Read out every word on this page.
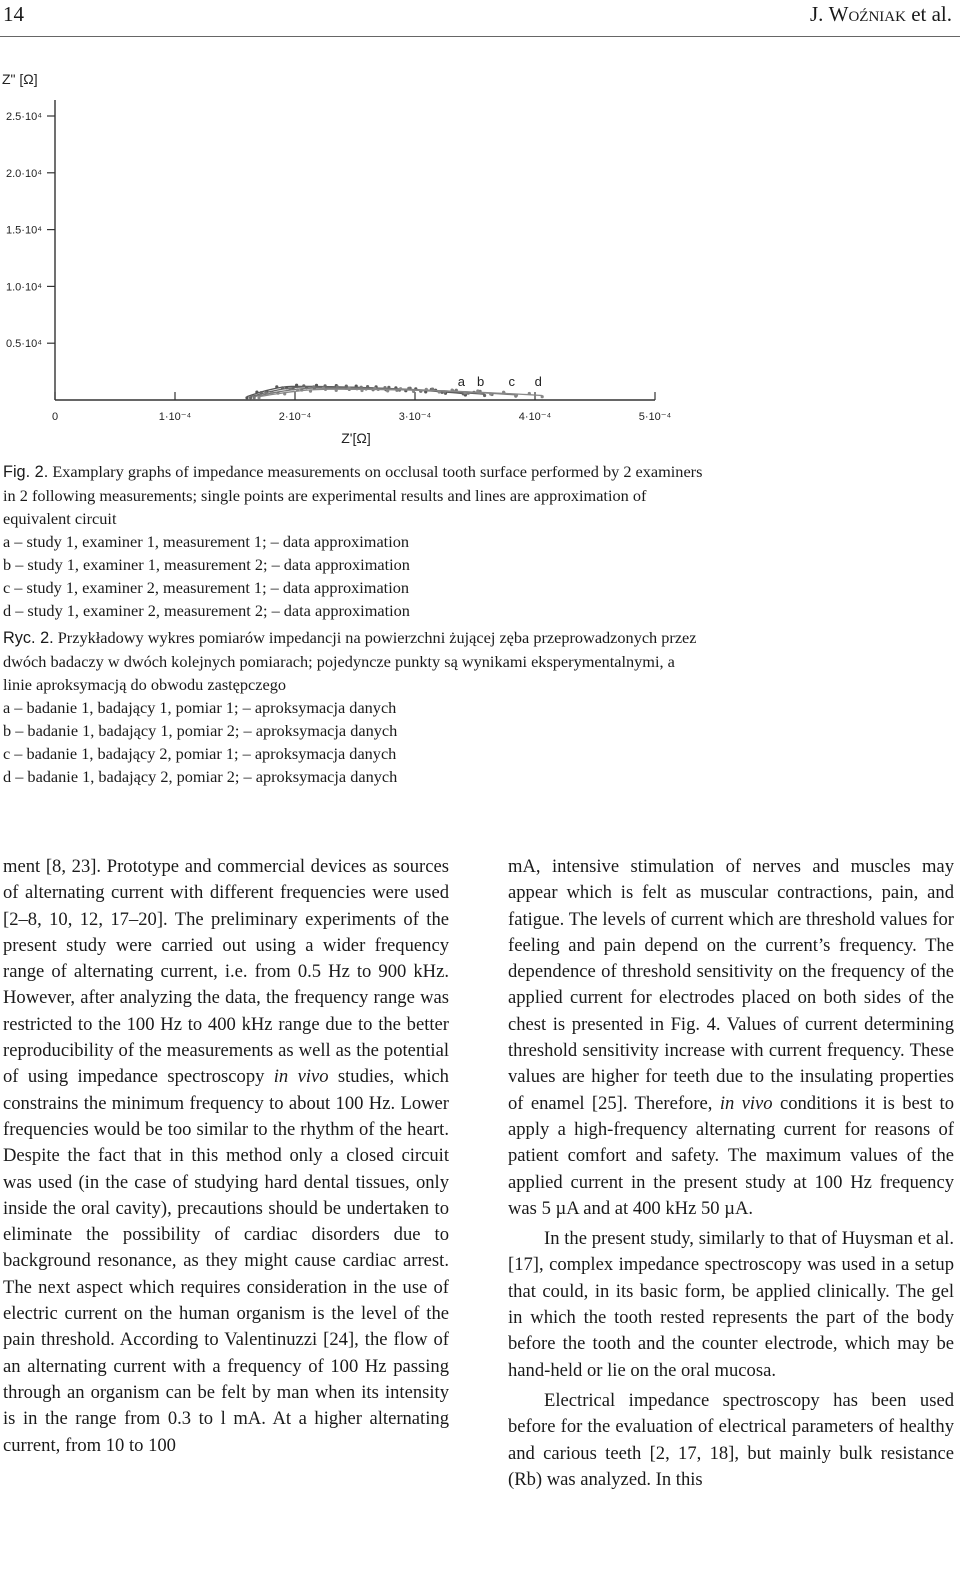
14	J. Woźniak et al.
Z" [Ω]
Z'[Ω]
0.5·10⁴
1.0·10⁴
1.5·10⁴
2.0·10⁴
2.5·10⁴
0	1·10⁻⁴	2·10⁻⁴	3·10⁻⁴	4·10⁻⁴	5·10⁻⁴
a b c d

Fig. 2. Examplary graphs of impedance measurements on occlusal tooth surface performed by 2 examiners in 2 following measurements; single points are experimental results and lines are approximation of equivalent circuit

a – study 1, examiner 1, measurement 1; – data approximation

b – study 1, examiner 1, measurement 2; – data approximation

c – study 1, examiner 2, measurement 1; – data approximation

d – study 1, examiner 2, measurement 2; – data approximation

Ryc. 2. Przykładowy wykres pomiarów impedancji na powierzchni żującej zęba przeprowadzonych przez dwóch badaczy w dwóch kolejnych pomiarach; pojedyncze punkty są wynikami eksperymentalnymi, a linie aproksymacją do obwodu zastępczego

a – badanie 1, badający 1, pomiar 1; – aproksymacja danych

b – badanie 1, badający 1, pomiar 2; – aproksymacja danych

c – badanie 1, badający 2, pomiar 1; – aproksymacja danych

d – badanie 1, badający 2, pomiar 2; – aproksymacja danych

ment [8, 23]. Prototype and commercial devices as sources of alternating current with different frequencies were used [2–8, 10, 12, 17–20]. The preliminary experiments of the present study were carried out using a wider frequency range of alternating current, i.e. from 0.5 Hz to 900 kHz. However, after analyzing the data, the frequency range was restricted to the 100 Hz to 400 kHz range due to the better reproducibility of the measurements as well as the potential of using impedance spectroscopy in vivo studies, which constrains the minimum frequency to about 100 Hz. Lower frequencies would be too similar to the rhythm of the heart. Despite the fact that in this method only a closed circuit was used (in the case of studying hard dental tissues, only inside the oral cavity), precautions should be undertaken to eliminate the possibility of cardiac disorders due to background resonance, as they might cause cardiac arrest. The next aspect which requires consideration in the use of electric current on the human organism is the level of the pain threshold. According to Valentinuzzi [24], the flow of an alternating current with a frequency of 100 Hz passing through an organism can be felt by man when its intensity is in the range from 0.3 to l mA. At a higher alternating current, from 10 to 100

mA, intensive stimulation of nerves and muscles may appear which is felt as muscular contractions, pain, and fatigue. The levels of current which are threshold values for feeling and pain depend on the current’s frequency. The dependence of threshold sensitivity on the frequency of the applied current for electrodes placed on both sides of the chest is presented in Fig. 4. Values of current determining threshold sensitivity increase with current frequency. These values are higher for teeth due to the insulating properties of enamel [25]. Therefore, in vivo conditions it is best to apply a high-frequency alternating current for reasons of patient comfort and safety. The maximum values of the applied current in the present study at 100 Hz frequency was 5 µA and at 400 kHz 50 µA.

In the present study, similarly to that of Huysman et al. [17], complex impedance spectroscopy was used in a setup that could, in its basic form, be applied clinically. The gel in which the tooth rested represents the part of the body before the tooth and the counter electrode, which may be hand-held or lie on the oral mucosa.

Electrical impedance spectroscopy has been used before for the evaluation of electrical parameters of healthy and carious teeth [2, 17, 18], but mainly bulk resistance (Rb) was analyzed. In this
